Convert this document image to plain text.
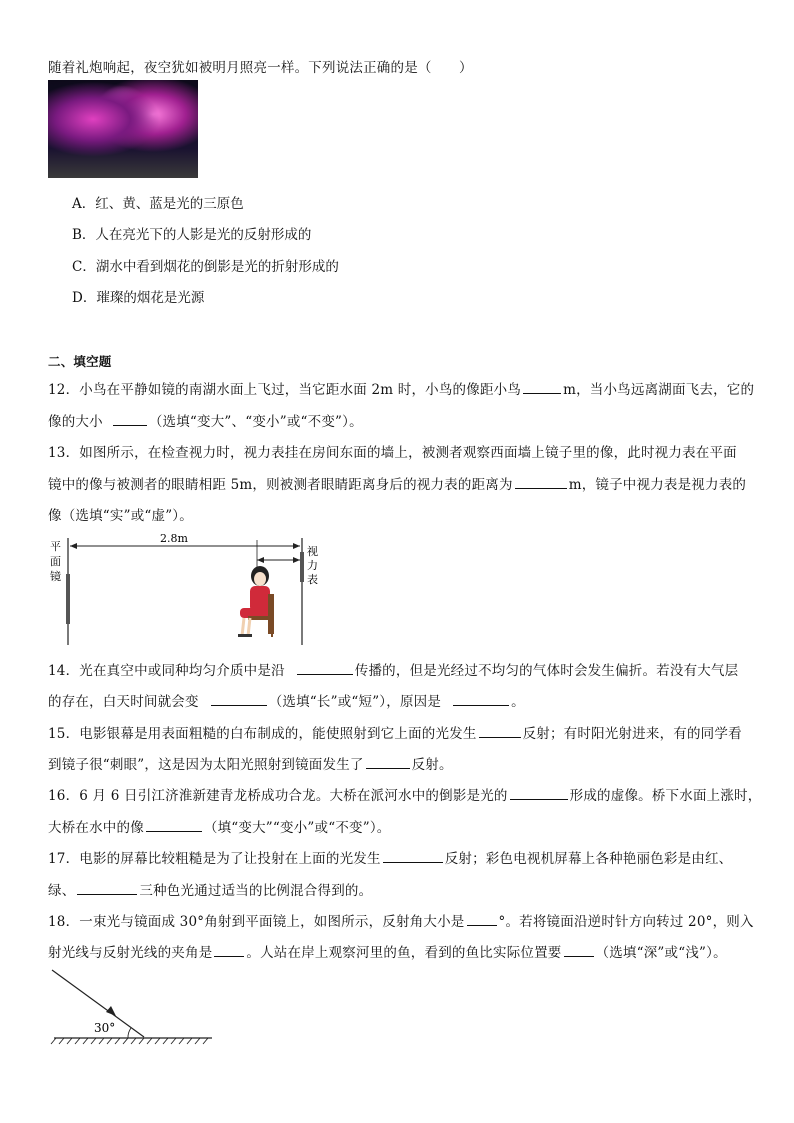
随着礼炮响起，夜空犹如被明月照亮一样。下列说法正确的是（　　）
A．红、黄、蓝是光的三原色
B．人在亮光下的人影是光的反射形成的
C．湖水中看到烟花的倒影是光的折射形成的
D．璀璨的烟花是光源
二、填空题
12．小鸟在平静如镜的南湖水面上飞过，当它距水面 2m 时，小鸟的像距小鸟	m，当小鸟远离湖面飞去，它的
像的大小	（选填“变大”、“变小”或“不变”）。
13．如图所示，在检查视力时，视力表挂在房间东面的墙上，被测者观察西面墙上镜子里的像，此时视力表在平面
镜中的像与被测者的眼睛相距 5m，则被测者眼睛距离身后的视力表的距离为	m，镜子中视力表是视力表的
像（选填“实”或“虚”）。
2.8m
平
面
镜
视
力
表
14．光在真空中或同种均匀介质中是沿	传播的，但是光经过不均匀的气体时会发生偏折。若没有大气层
的存在，白天时间就会变	（选填“长”或“短”），原因是	。
15．电影银幕是用表面粗糙的白布制成的，能使照射到它上面的光发生	反射；有时阳光射进来，有的同学看
到镜子很“刺眼”，这是因为太阳光照射到镜面发生了	反射。
16．6 月 6 日引江济淮新建青龙桥成功合龙。大桥在派河水中的倒影是光的	形成的虚像。桥下水面上涨时，
大桥在水中的像	（填“变大”“变小”或“不变”）。
17．电影的屏幕比较粗糙是为了让投射在上面的光发生	反射；彩色电视机屏幕上各种艳丽色彩是由红、
绿、	三种色光通过适当的比例混合得到的。
18．一束光与镜面成 30°角射到平面镜上，如图所示，反射角大小是	°。若将镜面沿逆时针方向转过 20°，则入
射光线与反射光线的夹角是	。人站在岸上观察河里的鱼，看到的鱼比实际位置要	（选填“深”或“浅”）。
30°
